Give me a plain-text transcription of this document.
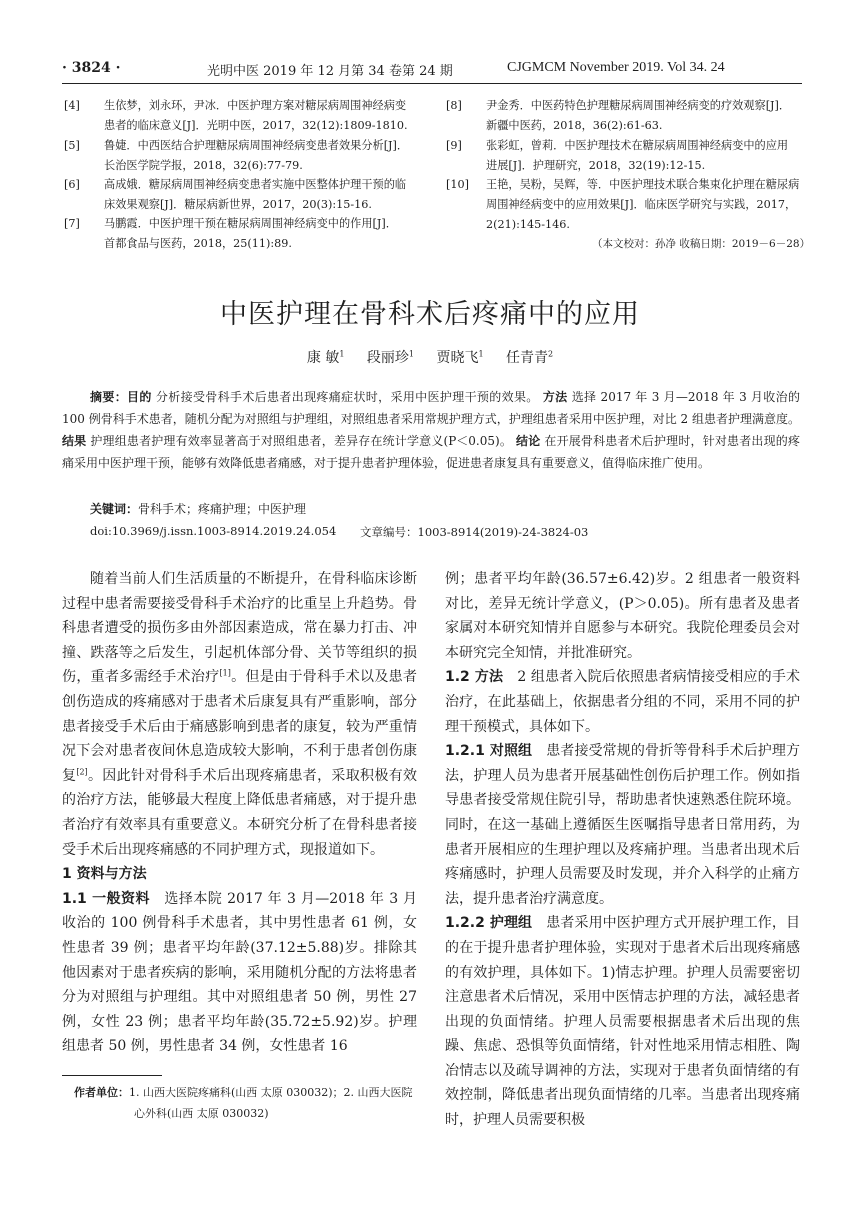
· 3824 ·	光明中医 2019 年 12 月第 34 卷第 24 期	CJGMCM November 2019. Vol 34. 24
[4] 生依梦，刘永环，尹冰．中医护理方案对糖尿病周围神经病变
患者的临床意义[J]．光明中医，2017，32(12):1809-1810.
[5] 鲁婕．中西医结合护理糖尿病周围神经病变患者效果分析[J]．
长治医学院学报，2018，32(6):77-79.
[6] 高成娥．糖尿病周围神经病变患者实施中医整体护理干预的临
床效果观察[J]．糖尿病新世界，2017，20(3):15-16.
[7] 马鹏霞．中医护理干预在糖尿病周围神经病变中的作用[J]．
首都食品与医药，2018，25(11):89.
[8] 尹金秀．中医药特色护理糖尿病周围神经病变的疗效观察[J]．
新疆中医药，2018，36(2):61-63.
[9] 张彩虹，曾莉．中医护理技术在糖尿病周围神经病变中的应用
进展[J]．护理研究，2018，32(19):12-15.
[10] 王艳，吴粉，吴辉，等．中医护理技术联合集束化护理在糖尿病
周围神经病变中的应用效果[J]．临床医学研究与实践，2017，
2(21):145-146.
（本文校对：孙净 收稿日期：2019－6－28）
中医护理在骨科术后疼痛中的应用
康 敏$^1$ 段丽珍$^1$ 贾晓飞$^1$ 任青青$^2$
摘要：目的 分析接受骨科手术后患者出现疼痛症状时，采用中医护理干预的效果。 方法 选择 2017 年 3 月—2018 年 3 月收治的 100 例骨科手术患者，随机分配为对照组与护理组，对照组患者采用常规护理方式，护理组患者采用中医护理，对比 2 组患者护理满意度。 结果 护理组患者护理有效率显著高于对照组患者，差异存在统计学意义(P＜0.05)。 结论 在开展骨科患者术后护理时，针对患者出现的疼痛采用中医护理干预，能够有效降低患者痛感，对于提升患者护理体验，促进患者康复具有重要意义，值得临床推广使用。
关键词：骨科手术；疼痛护理；中医护理
doi:10.3969/j.issn.1003-8914.2019.24.054 文章编号：1003-8914(2019)-24-3824-03

随着当前人们生活质量的不断提升，在骨科临床诊断过程中患者需要接受骨科手术治疗的比重呈上升趋势。骨科患者遭受的损伤多由外部因素造成，常在暴力打击、冲撞、跌落等之后发生，引起机体部分骨、关节等组织的损伤，重者多需经手术治疗[1]。但是由于骨科手术以及患者创伤造成的疼痛感对于患者术后康复具有严重影响，部分患者接受手术后由于痛感影响到患者的康复，较为严重情况下会对患者夜间休息造成较大影响，不利于患者创伤康复[2]。因此针对骨科手术后出现疼痛患者，采取积极有效的治疗方法，能够最大程度上降低患者痛感，对于提升患者治疗有效率具有重要意义。本研究分析了在骨科患者接受手术后出现疼痛感的不同护理方式，现报道如下。

1 资料与方法

1.1 一般资料　 选择本院 2017 年 3 月—2018 年 3 月收治的 100 例骨科手术患者，其中男性患者 61 例，女性患者 39 例；患者平均年龄(37.12±5.88)岁。排除其他因素对于患者疾病的影响，采用随机分配的方法将患者分为对照组与护理组。其中对照组患者 50 例，男性 27 例，女性 23 例；患者平均年龄(35.72±5.92)岁。护理组患者 50 例，男性患者 34 例，女性患者 16

例；患者平均年龄(36.57±6.42)岁。2 组患者一般资料对比，差异无统计学意义，(P＞0.05)。所有患者及患者家属对本研究知情并自愿参与本研究。我院伦理委员会对本研究完全知情，并批准研究。

1.2 方法　 2 组患者入院后依照患者病情接受相应的手术治疗，在此基础上，依据患者分组的不同，采用不同的护理干预模式，具体如下。

1.2.1 对照组　 患者接受常规的骨折等骨科手术后护理方法，护理人员为患者开展基础性创伤后护理工作。例如指导患者接受常规住院引导，帮助患者快速熟悉住院环境。同时，在这一基础上遵循医生医嘱指导患者日常用药，为患者开展相应的生理护理以及疼痛护理。当患者出现术后疼痛感时，护理人员需要及时发现，并介入科学的止痛方法，提升患者治疗满意度。

1.2.2 护理组　 患者采用中医护理方式开展护理工作，目的在于提升患者护理体验，实现对于患者术后出现疼痛感的有效护理，具体如下。1)情志护理。护理人员需要密切注意患者术后情况，采用中医情志护理的方法，减轻患者出现的负面情绪。护理人员需要根据患者术后出现的焦躁、焦虑、恐惧等负面情绪，针对性地采用情志相胜、陶冶情志以及疏导调神的方法，实现对于患者负面情绪的有效控制，降低患者出现负面情绪的几率。当患者出现疼痛时，护理人员需要积极

作者单位：1. 山西大医院疼痛科(山西 太原 030032)；2. 山西大医院
心外科(山西 太原 030032)
